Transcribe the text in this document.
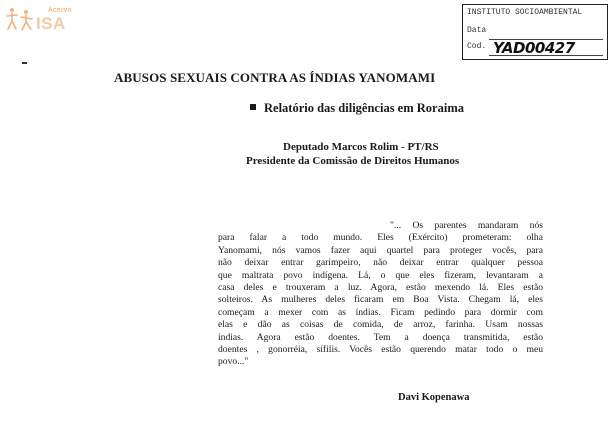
Acervo
ISA
INSTITUTO SOCIOAMBIENTAL
Data
Cod. YAD00427
ABUSOS SEXUAIS CONTRA AS ÍNDIAS YANOMAMI
Relatório das diligências em Roraima
Deputado Marcos Rolim - PT/RS
Presidente da Comissão de Direitos Humanos
"... Os parentes mandaram nós
para falar a todo mundo. Eles (Exército) prometeram: olha
Yanomami, nós vamos fazer aqui quartel para proteger vocês, para
não deixar entrar garimpeiro, não deixar entrar qualquer pessoa
que maltrata povo indígena. Lá, o que eles fizeram, levantaram a
casa deles e trouxeram a luz. Agora, estão mexendo lá. Eles estão
solteiros. As mulheres deles ficaram em Boa Vista. Chegam lá, eles
começam a mexer com as índias. Ficam pedindo para dormir com
elas e dão as coisas de comida, de arroz, farinha. Usam nossas
índias. Agora estão doentes. Tem a doença transmitida, estão
doentes , gonorréia, sífilis. Vocês estão querendo matar todo o meu
povo..."
Davi Kopenawa
